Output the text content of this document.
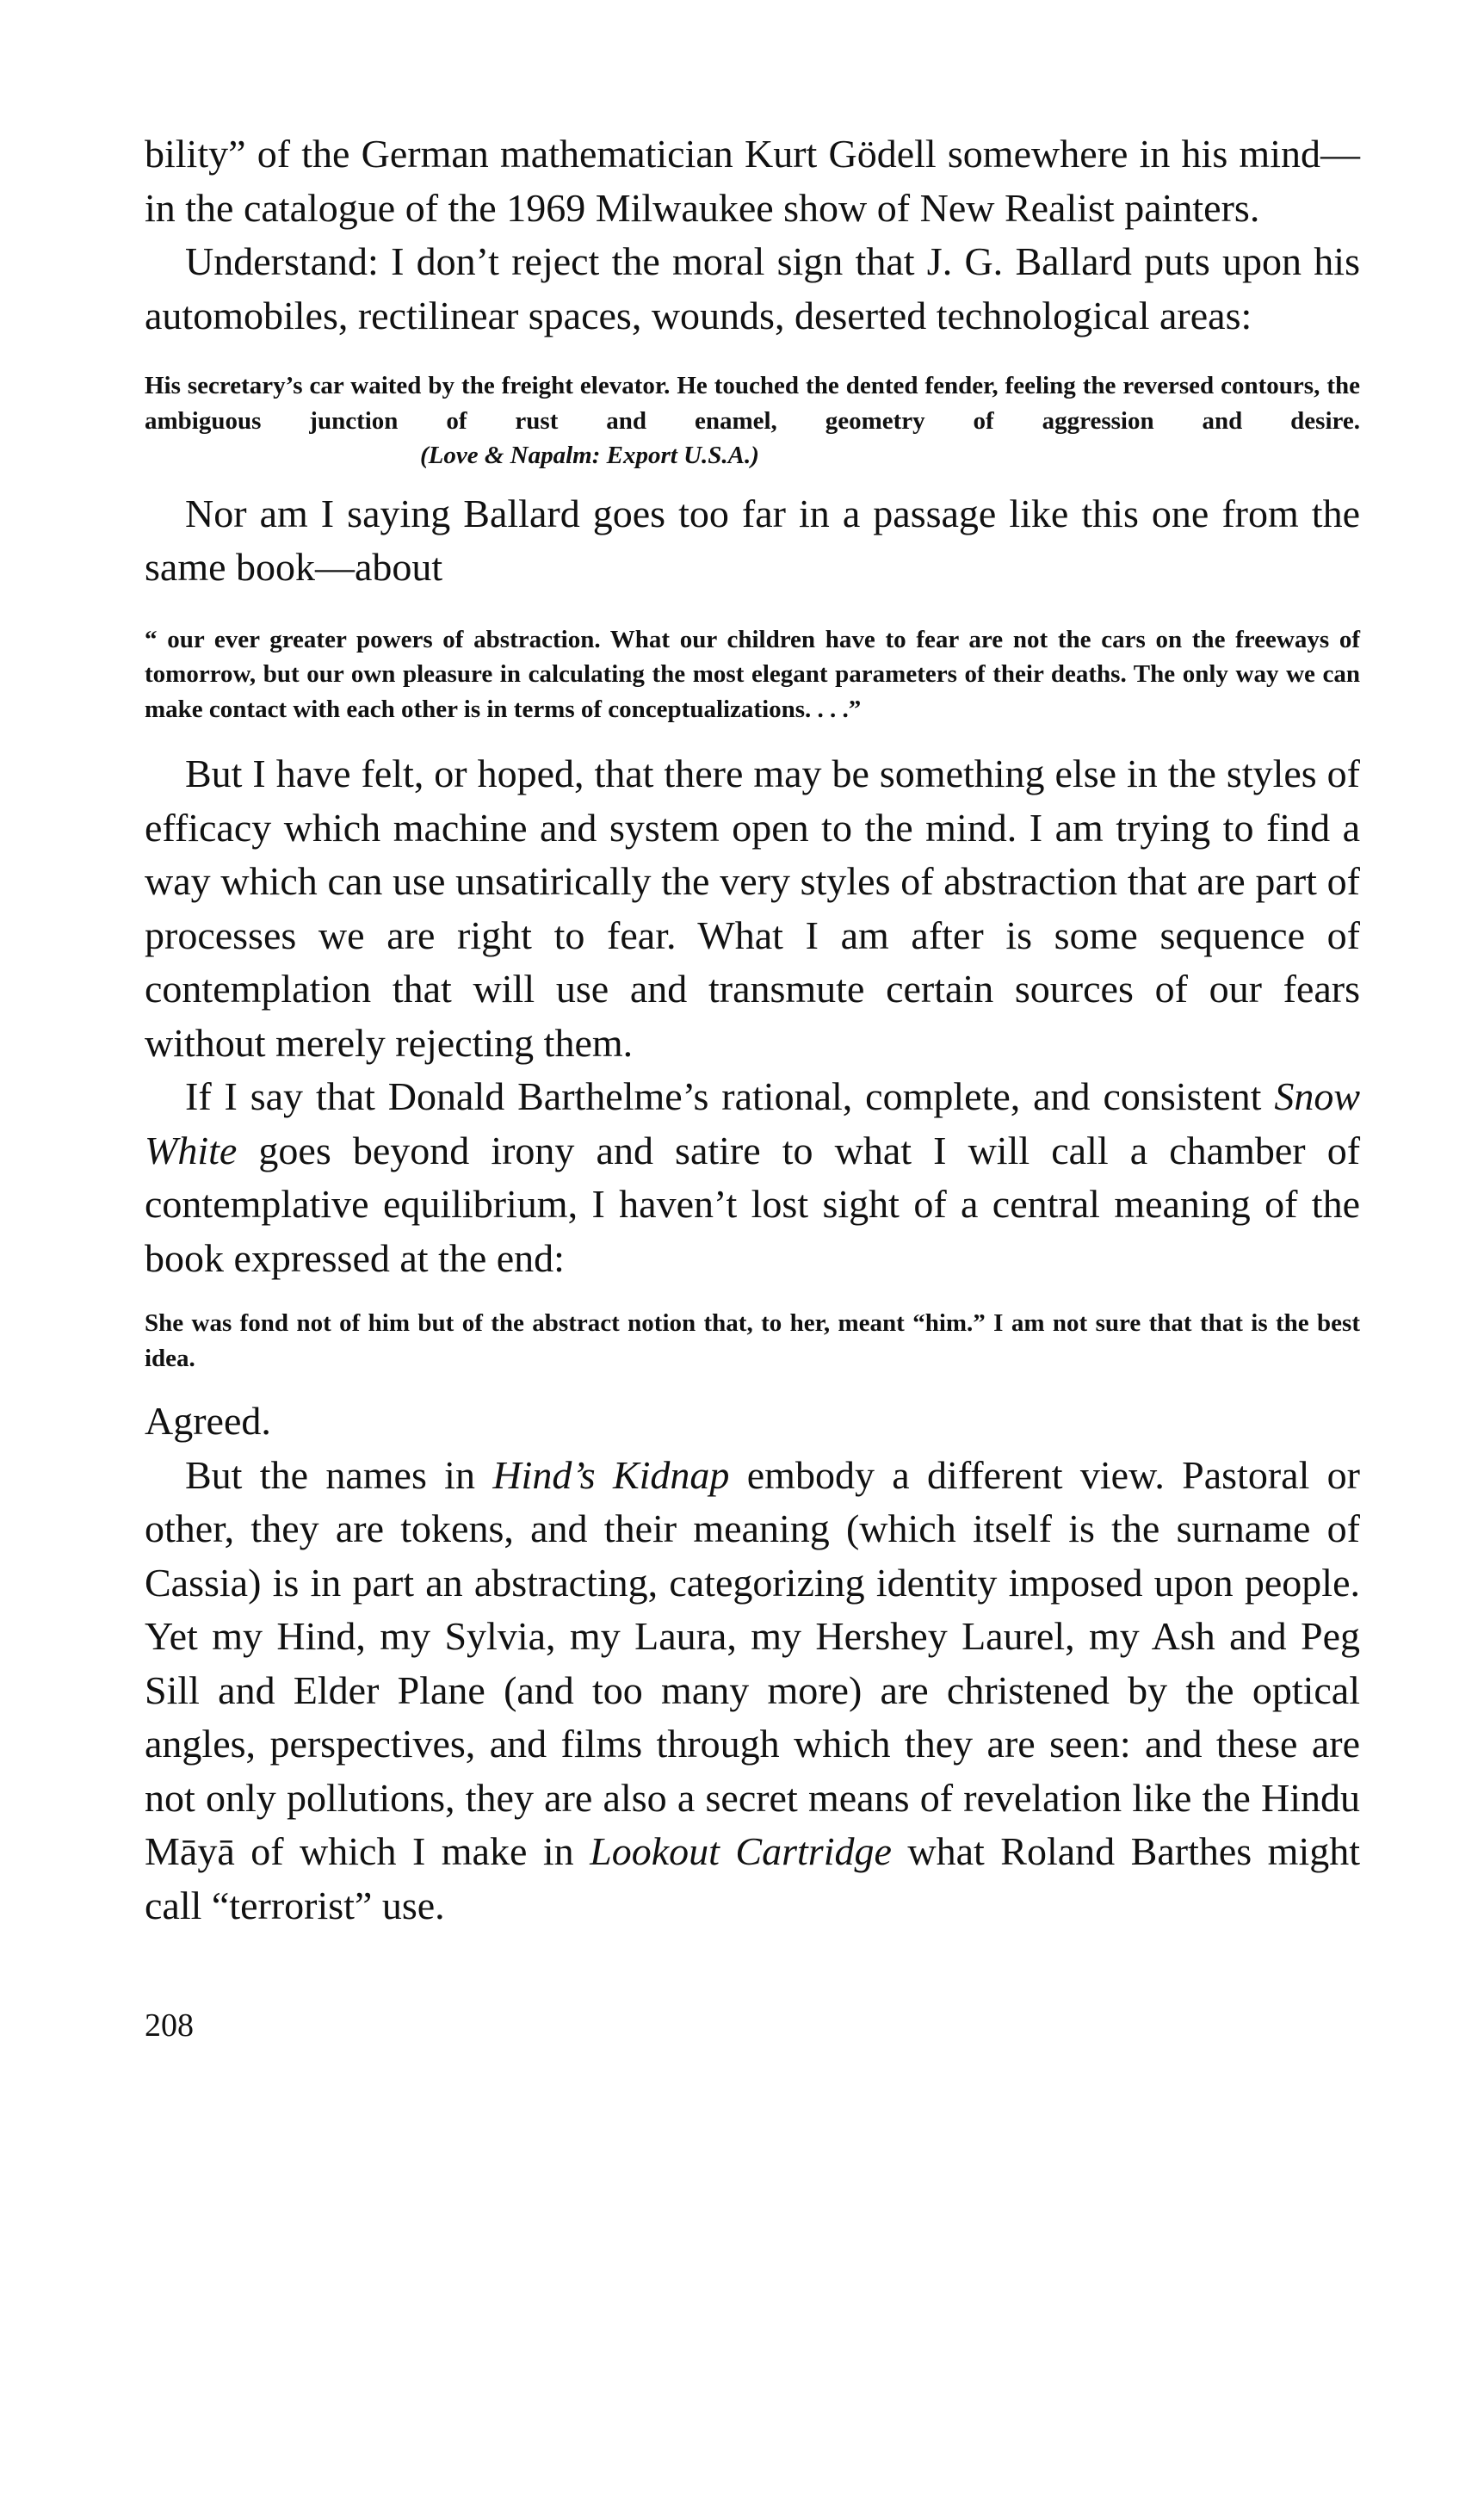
bility” of the German mathematician Kurt Gödell somewhere in his mind—in the catalogue of the 1969 Milwaukee show of New Realist painters.

Understand: I don’t reject the moral sign that J. G. Ballard puts upon his automobiles, rectilinear spaces, wounds, deserted technological areas:

His secretary’s car waited by the freight elevator. He touched the dented fender, feeling the reversed contours, the ambiguous junction of rust and enamel, geometry of aggression and desire. (Love & Napalm: Export U.S.A.)

Nor am I saying Ballard goes too far in a passage like this one from the same book—about

“ our ever greater powers of abstraction. What our children have to fear are not the cars on the freeways of tomorrow, but our own pleasure in calculating the most elegant parameters of their deaths. The only way we can make contact with each other is in terms of conceptualizations. . . .”

But I have felt, or hoped, that there may be something else in the styles of efficacy which machine and system open to the mind. I am trying to find a way which can use unsatirically the very styles of abstraction that are part of processes we are right to fear. What I am after is some sequence of contemplation that will use and transmute certain sources of our fears without merely rejecting them.

If I say that Donald Barthelme’s rational, complete, and consistent Snow White goes beyond irony and satire to what I will call a chamber of contemplative equilibrium, I haven’t lost sight of a central meaning of the book expressed at the end:

She was fond not of him but of the abstract notion that, to her, meant “him.” I am not sure that that is the best idea.

Agreed.

But the names in Hind’s Kidnap embody a different view. Pastoral or other, they are tokens, and their meaning (which itself is the surname of Cassia) is in part an abstracting, categorizing identity imposed upon people. Yet my Hind, my Sylvia, my Laura, my Hershey Laurel, my Ash and Peg Sill and Elder Plane (and too many more) are christened by the optical angles, perspectives, and films through which they are seen: and these are not only pollutions, they are also a secret means of revelation like the Hindu Māyā of which I make in Lookout Cartridge what Roland Barthes might call “terrorist” use.

208
